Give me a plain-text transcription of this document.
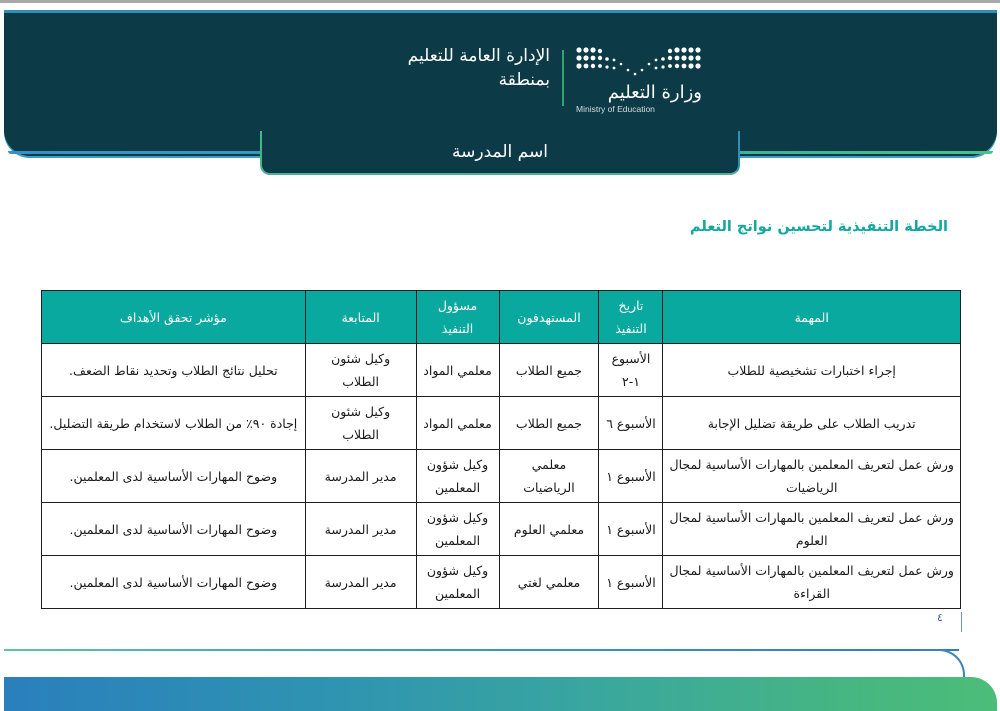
وزارة التعليم
Ministry of Education
الإدارة العامة للتعليم
بمنطقة
اسم المدرسة
الخطة التنفيذية لتحسين نواتج التعلم
المهمة	تاريخ التنفيذ	المستهدفون	مسؤول التنفيذ	المتابعة	مؤشر تحقق الأهداف
إجراء اختبارات تشخيصية للطلاب	الأسبوع ١-٢	جميع الطلاب	معلمي المواد	وكيل شئون الطلاب	تحليل نتائج الطلاب وتحديد نقاط الضعف.
تدريب الطلاب على طريقة تضليل الإجابة	الأسبوع ٦	جميع الطلاب	معلمي المواد	وكيل شئون الطلاب	إجادة ٩٠٪ من الطلاب لاستخدام طريقة التضليل.
ورش عمل لتعريف المعلمين بالمهارات الأساسية لمجال الرياضيات	الأسبوع ١	معلمي الرياضيات	وكيل شؤون المعلمين	مدير المدرسة	وضوح المهارات الأساسية لدى المعلمين.
ورش عمل لتعريف المعلمين بالمهارات الأساسية لمجال العلوم	الأسبوع ١	معلمي العلوم	وكيل شؤون المعلمين	مدير المدرسة	وضوح المهارات الأساسية لدى المعلمين.
ورش عمل لتعريف المعلمين بالمهارات الأساسية لمجال القراءة	الأسبوع ١	معلمي لغتي	وكيل شؤون المعلمين	مدير المدرسة	وضوح المهارات الأساسية لدى المعلمين.
٤
